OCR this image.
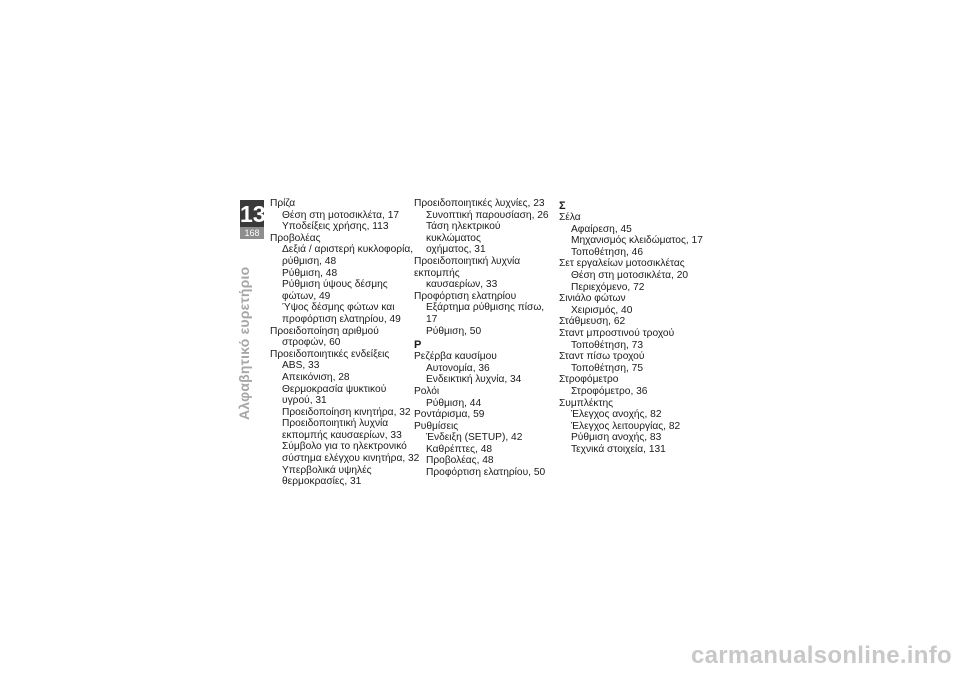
13
168
Αλφαβητικό ευρετήριο
Πρίζα
Θέση στη μοτοσικλέτα, 17
Υποδείξεις χρήσης, 113
Προβολέας
Δεξιά / αριστερή κυκλοφορία,
ρύθμιση, 48
Ρύθμιση, 48
Ρύθμιση ύψους δέσμης
φώτων, 49
Ύψος δέσμης φώτων και
προφόρτιση ελατηρίου, 49
Προειδοποίηση αριθμού
στροφών, 60
Προειδοποιητικές ενδείξεις
ABS, 33
Απεικόνιση, 28
Θερμοκρασία ψυκτικού
υγρού, 31
Προειδοποίηση κινητήρα, 32
Προειδοποιητική λυχνία
εκπομπής καυσαερίων, 33
Σύμβολο για το ηλεκτρονικό
σύστημα ελέγχου κινητήρα, 32
Υπερβολικά υψηλές
θερμοκρασίες, 31
Προειδοποιητικές λυχνίες, 23
Συνοπτική παρουσίαση, 26
Τάση ηλεκτρικού κυκλώματος
οχήματος, 31
Προειδοποιητική λυχνία εκπομπής
καυσαερίων, 33
Προφόρτιση ελατηρίου
Εξάρτημα ρύθμισης πίσω, 17
Ρύθμιση, 50
Ρ
Ρεζέρβα καυσίμου
Αυτονομία, 36
Ενδεικτική λυχνία, 34
Ρολόι
Ρύθμιση, 44
Ροντάρισμα, 59
Ρυθμίσεις
Ένδειξη (SETUP), 42
Καθρέπτες, 48
Προβολέας, 48
Προφόρτιση ελατηρίου, 50
Σ
Σέλα
Αφαίρεση, 45
Μηχανισμός κλειδώματος, 17
Τοποθέτηση, 46
Σετ εργαλείων μοτοσικλέτας
Θέση στη μοτοσικλέτα, 20
Περιεχόμενο, 72
Σινιάλο φώτων
Χειρισμός, 40
Στάθμευση, 62
Σταντ μπροστινού τροχού
Τοποθέτηση, 73
Σταντ πίσω τροχού
Τοποθέτηση, 75
Στροφόμετρο
Στροφόμετρο, 36
Συμπλέκτης
Έλεγχος ανοχής, 82
Έλεγχος λειτουργίας, 82
Ρύθμιση ανοχής, 83
Τεχνικά στοιχεία, 131
carmanualsonline.info
